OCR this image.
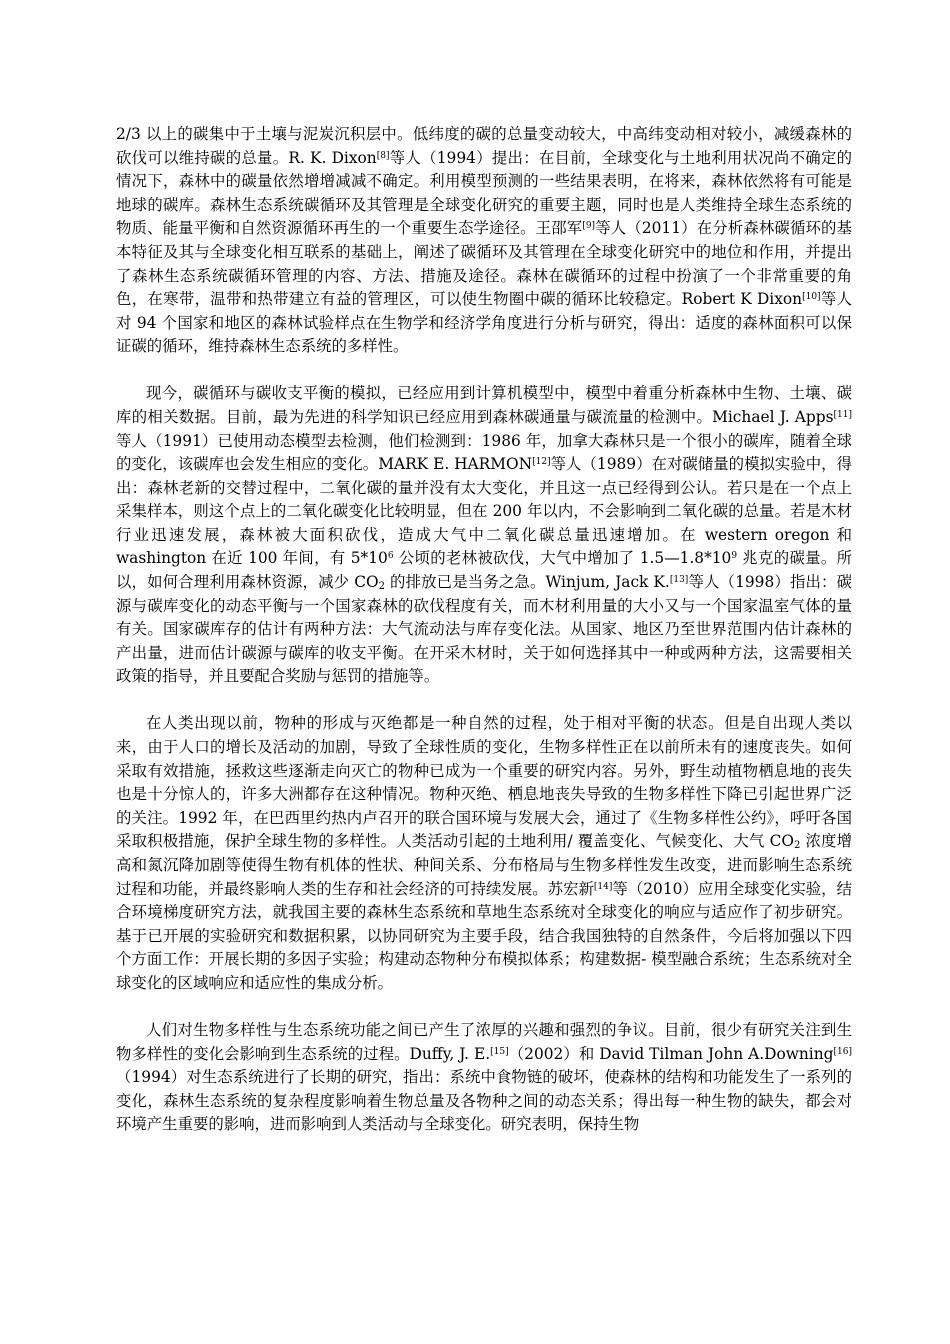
2/3 以上的碳集中于土壤与泥炭沉积层中。低纬度的碳的总量变动较大，中高纬变动相对较小，减缓森林的砍伐可以维持碳的总量。R. K. Dixon[8]等人（1994）提出：在目前，全球变化与土地利用状况尚不确定的情况下，森林中的碳量依然增增减减不确定。利用模型预测的一些结果表明，在将来，森林依然将有可能是地球的碳库。森林生态系统碳循环及其管理是全球变化研究的重要主题，同时也是人类维持全球生态系统的物质、能量平衡和自然资源循环再生的一个重要生态学途径。王邵军[9]等人（2011）在分析森林碳循环的基本特征及其与全球变化相互联系的基础上，阐述了碳循环及其管理在全球变化研究中的地位和作用，并提出了森林生态系统碳循环管理的内容、方法、措施及途径。森林在碳循环的过程中扮演了一个非常重要的角色，在寒带，温带和热带建立有益的管理区，可以使生物圈中碳的循环比较稳定。Robert K Dixon[10]等人对 94 个国家和地区的森林试验样点在生物学和经济学角度进行分析与研究，得出：适度的森林面积可以保证碳的循环，维持森林生态系统的多样性。

现今，碳循环与碳收支平衡的模拟，已经应用到计算机模型中，模型中着重分析森林中生物、土壤、碳库的相关数据。目前，最为先进的科学知识已经应用到森林碳通量与碳流量的检测中。Michael J. Apps[11]等人（1991）已使用动态模型去检测，他们检测到：1986 年，加拿大森林只是一个很小的碳库，随着全球的变化，该碳库也会发生相应的变化。MARK E. HARMON[12]等人（1989）在对碳储量的模拟实验中，得出：森林老新的交替过程中，二氧化碳的量并没有太大变化，并且这一点已经得到公认。若只是在一个点上采集样本，则这个点上的二氧化碳变化比较明显，但在 200 年以内，不会影响到二氧化碳的总量。若是木材行业迅速发展，森林被大面积砍伐，造成大气中二氧化碳总量迅速增加。在 western oregon 和 washington 在近 100 年间，有 $5*10^6$ 公顷的老林被砍伐，大气中增加了 $1.5—1.8*10^9$ 兆克的碳量。所以，如何合理利用森林资源，减少 $CO_2$ 的排放已是当务之急。Winjum, Jack K.[13]等人（1998）指出：碳源与碳库变化的动态平衡与一个国家森林的砍伐程度有关，而木材利用量的大小又与一个国家温室气体的量有关。国家碳库存的估计有两种方法：大气流动法与库存变化法。从国家、地区乃至世界范围内估计森林的产出量，进而估计碳源与碳库的收支平衡。在开采木材时，关于如何选择其中一种或两种方法，这需要相关政策的指导，并且要配合奖励与惩罚的措施等。

在人类出现以前，物种的形成与灭绝都是一种自然的过程，处于相对平衡的状态。但是自出现人类以来，由于人口的增长及活动的加剧，导致了全球性质的变化，生物多样性正在以前所未有的速度丧失。如何采取有效措施，拯救这些逐渐走向灭亡的物种已成为一个重要的研究内容。另外，野生动植物栖息地的丧失也是十分惊人的，许多大洲都存在这种情况。物种灭绝、栖息地丧失导致的生物多样性下降已引起世界广泛的关注。1992 年，在巴西里约热内卢召开的联合国环境与发展大会，通过了《生物多样性公约》，呼吁各国采取积极措施，保护全球生物的多样性。人类活动引起的土地利用/ 覆盖变化、气候变化、大气 $CO_2$ 浓度增高和氮沉降加剧等使得生物有机体的性状、种间关系、分布格局与生物多样性发生改变，进而影响生态系统过程和功能，并最终影响人类的生存和社会经济的可持续发展。苏宏新[14]等（2010）应用全球变化实验，结合环境梯度研究方法，就我国主要的森林生态系统和草地生态系统对全球变化的响应与适应作了初步研究。基于已开展的实验研究和数据积累，以协同研究为主要手段，结合我国独特的自然条件，今后将加强以下四个方面工作：开展长期的多因子实验；构建动态物种分布模拟体系；构建数据- 模型融合系统；生态系统对全球变化的区域响应和适应性的集成分析。

人们对生物多样性与生态系统功能之间已产生了浓厚的兴趣和强烈的争议。目前，很少有研究关注到生物多样性的变化会影响到生态系统的过程。Duffy, J. E.[15]（2002）和 David Tilman John A.Downing[16]（1994）对生态系统进行了长期的研究，指出：系统中食物链的破坏，使森林的结构和功能发生了一系列的变化，森林生态系统的复杂程度影响着生物总量及各物种之间的动态关系；得出每一种生物的缺失，都会对环境产生重要的影响，进而影响到人类活动与全球变化。研究表明，保持生物
